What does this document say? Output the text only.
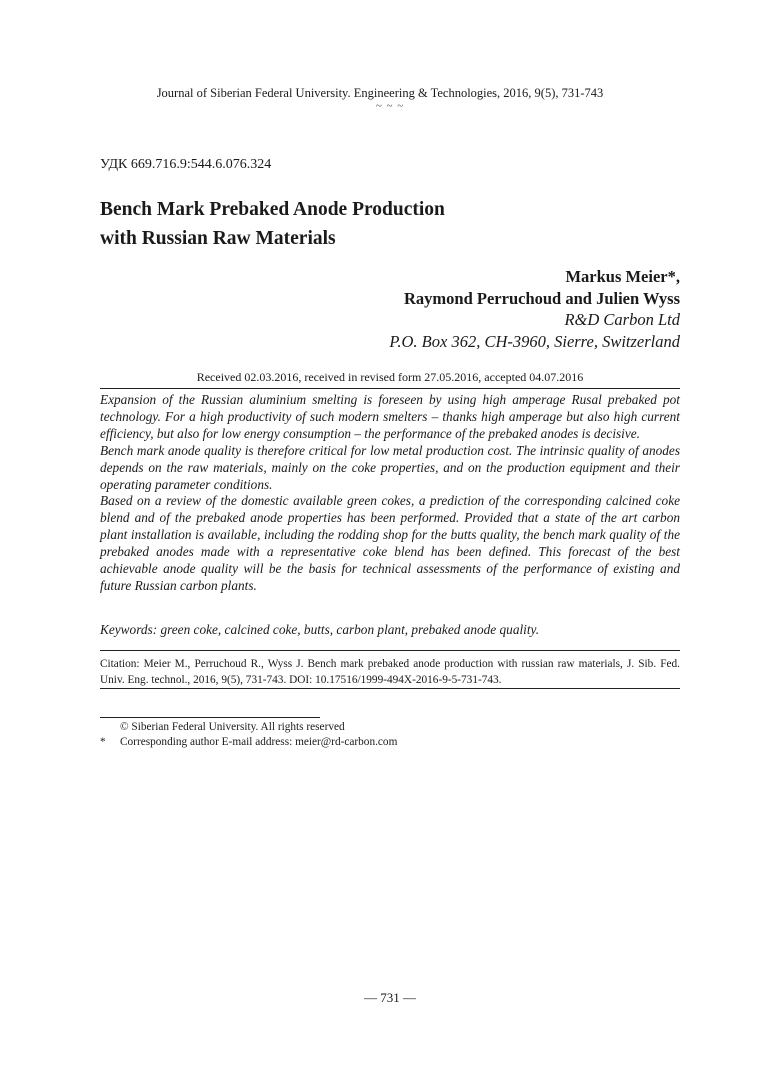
Journal of Siberian Federal University. Engineering & Technologies, 2016, 9(5), 731-743
~ ~ ~
УДК 669.716.9:544.6.076.324
Bench Mark Prebaked Anode Production
with Russian Raw Materials
Markus Meier*,
Raymond Perruchoud and Julien Wyss
R&D Carbon Ltd
P.O. Box 362, CH-3960, Sierre, Switzerland
Received 02.03.2016, received in revised form 27.05.2016, accepted 04.07.2016

Expansion of the Russian aluminium smelting is foreseen by using high amperage Rusal prebaked pot technology. For a high productivity of such modern smelters – thanks high amperage but also high current efficiency, but also for low energy consumption – the performance of the prebaked anodes is decisive.

Bench mark anode quality is therefore critical for low metal production cost. The intrinsic quality of anodes depends on the raw materials, mainly on the coke properties, and on the production equipment and their operating parameter conditions.

Based on a review of the domestic available green cokes, a prediction of the corresponding calcined coke blend and of the prebaked anode properties has been performed. Provided that a state of the art carbon plant installation is available, including the rodding shop for the butts quality, the bench mark quality of the prebaked anodes made with a representative coke blend has been defined. This forecast of the best achievable anode quality will be the basis for technical assessments of the performance of existing and future Russian carbon plants.

Keywords: green coke, calcined coke, butts, carbon plant, prebaked anode quality.
Citation: Meier M., Perruchoud R., Wyss J. Bench mark prebaked anode production with russian raw materials, J. Sib. Fed. Univ. Eng. technol., 2016, 9(5), 731-743. DOI: 10.17516/1999-494X-2016-9-5-731-743.
© Siberian Federal University. All rights reserved
*	Corresponding author E-mail address: meier@rd-carbon.com
— 731 —
